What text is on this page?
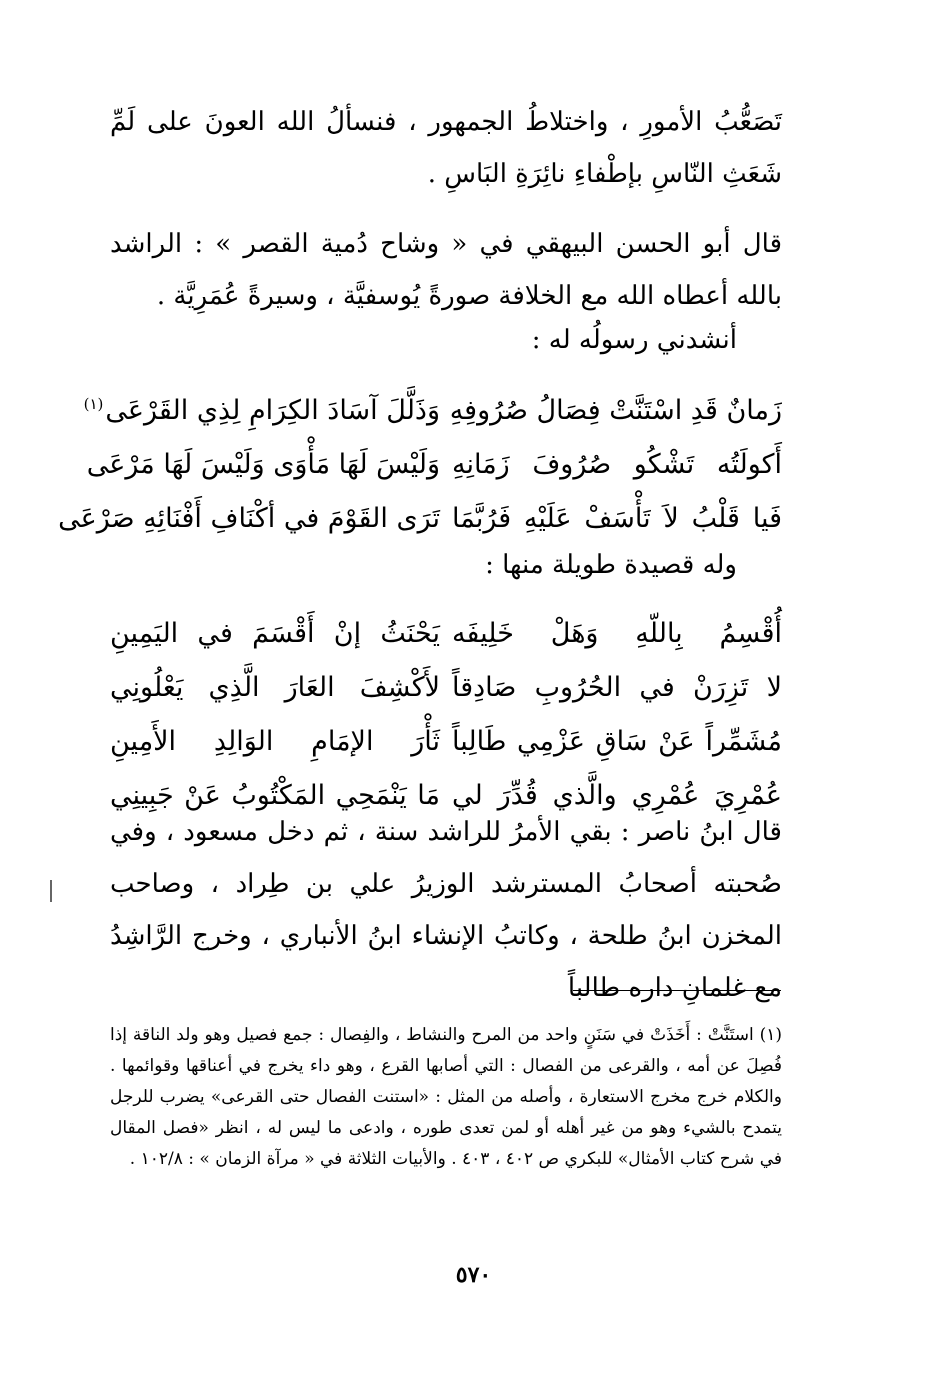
تَصَعُّبُ الأمورِ ، واختلاطُ الجمهور ، فنسألُ الله العونَ على لَمِّ شَعَثِ النّاسِ بإطْفاءِ نائِرَةِ البَاسِ .
قال أبو الحسن البيهقي في « وشاح دُمية القصر » : الراشد بالله أعطاه الله مع الخلافة صورةً يُوسفيَّة ، وسيرةً عُمَرِيَّة .
أنشدني رسولُه له :
زَمانٌ قَدِ اسْتَنَّتْ فِصَالُ صُرُوفِهِ
وَذَلَّلَ آسَادَ الكِرَامِ لِذِي القَرْعَى$^{(١)}$
أَكولَتُه تَشْكُو صُرُوفَ زَمَانِهِ
وَلَيْسَ لَهَا مَأْوَى وَلَيْسَ لَهَا مَرْعَى
فَيا قَلْبُ لاَ تَأْسَفْ عَلَيْهِ فَرُبَّمَا
تَرَى القَوْمَ في أكْنَافِ أَفْنَائِهِ صَرْعَى
وله قصيدة طويلة منها :
أُقْسِمُ بِاللّهِ وَهَلْ خَلِيفَه
يَحْنَثُ إنْ أَقْسَمَ في اليَمِينِ
لا تَزِرَنْ في الحُرُوبِ صَادِقاً
لأَكْشِفَ العَارَ الَّذِي يَعْلُونِي
مُشَمِّراً عَنْ سَاقِ عَزْمِي طَالِباً
ثَأْرَ الإمَامِ الوَالِدِ الأَمِينِ
عُمْرِيَ عُمْرِي والَّذي قُدِّرَ لي
مَا يَنْمَحِي المَكْتُوبُ عَنْ جَبِينِي
قال ابنُ ناصر : بقي الأمرُ للراشد سنة ، ثم دخل مسعود ، وفي صُحبته أصحابُ المسترشد الوزيرُ علي بن طِراد ، وصاحب المخزن ابنُ طلحة ، وكاتبُ الإنشاء ابنُ الأنباري ، وخرج الرَّاشِدُ مع غلمانِ داره طالباً
(١) استَنَّتْ : أَخَذَتْ في سَنَنٍ واحد من المرح والنشاط ، والفِصال : جمع فصيل وهو ولد الناقة إذا فُصِلَ عن أمه ، والقرعى من الفصال : التي أصابها القرع ، وهو داء يخرج في أعناقها وقوائمها . والكلام خرج مخرج الاستعارة ، وأصله من المثل : «استنت الفصال حتى القرعى» يضرب للرجل يتمدح بالشيء وهو من غير أهله أو لمن تعدى طوره ، وادعى ما ليس له ، انظر «فصل المقال في شرح كتاب الأمثال» للبكري ص ٤٠٢ ، ٤٠٣ . والأبيات الثلاثة في « مرآة الزمان » : ١٠٢/٨ .
٥٧٠
